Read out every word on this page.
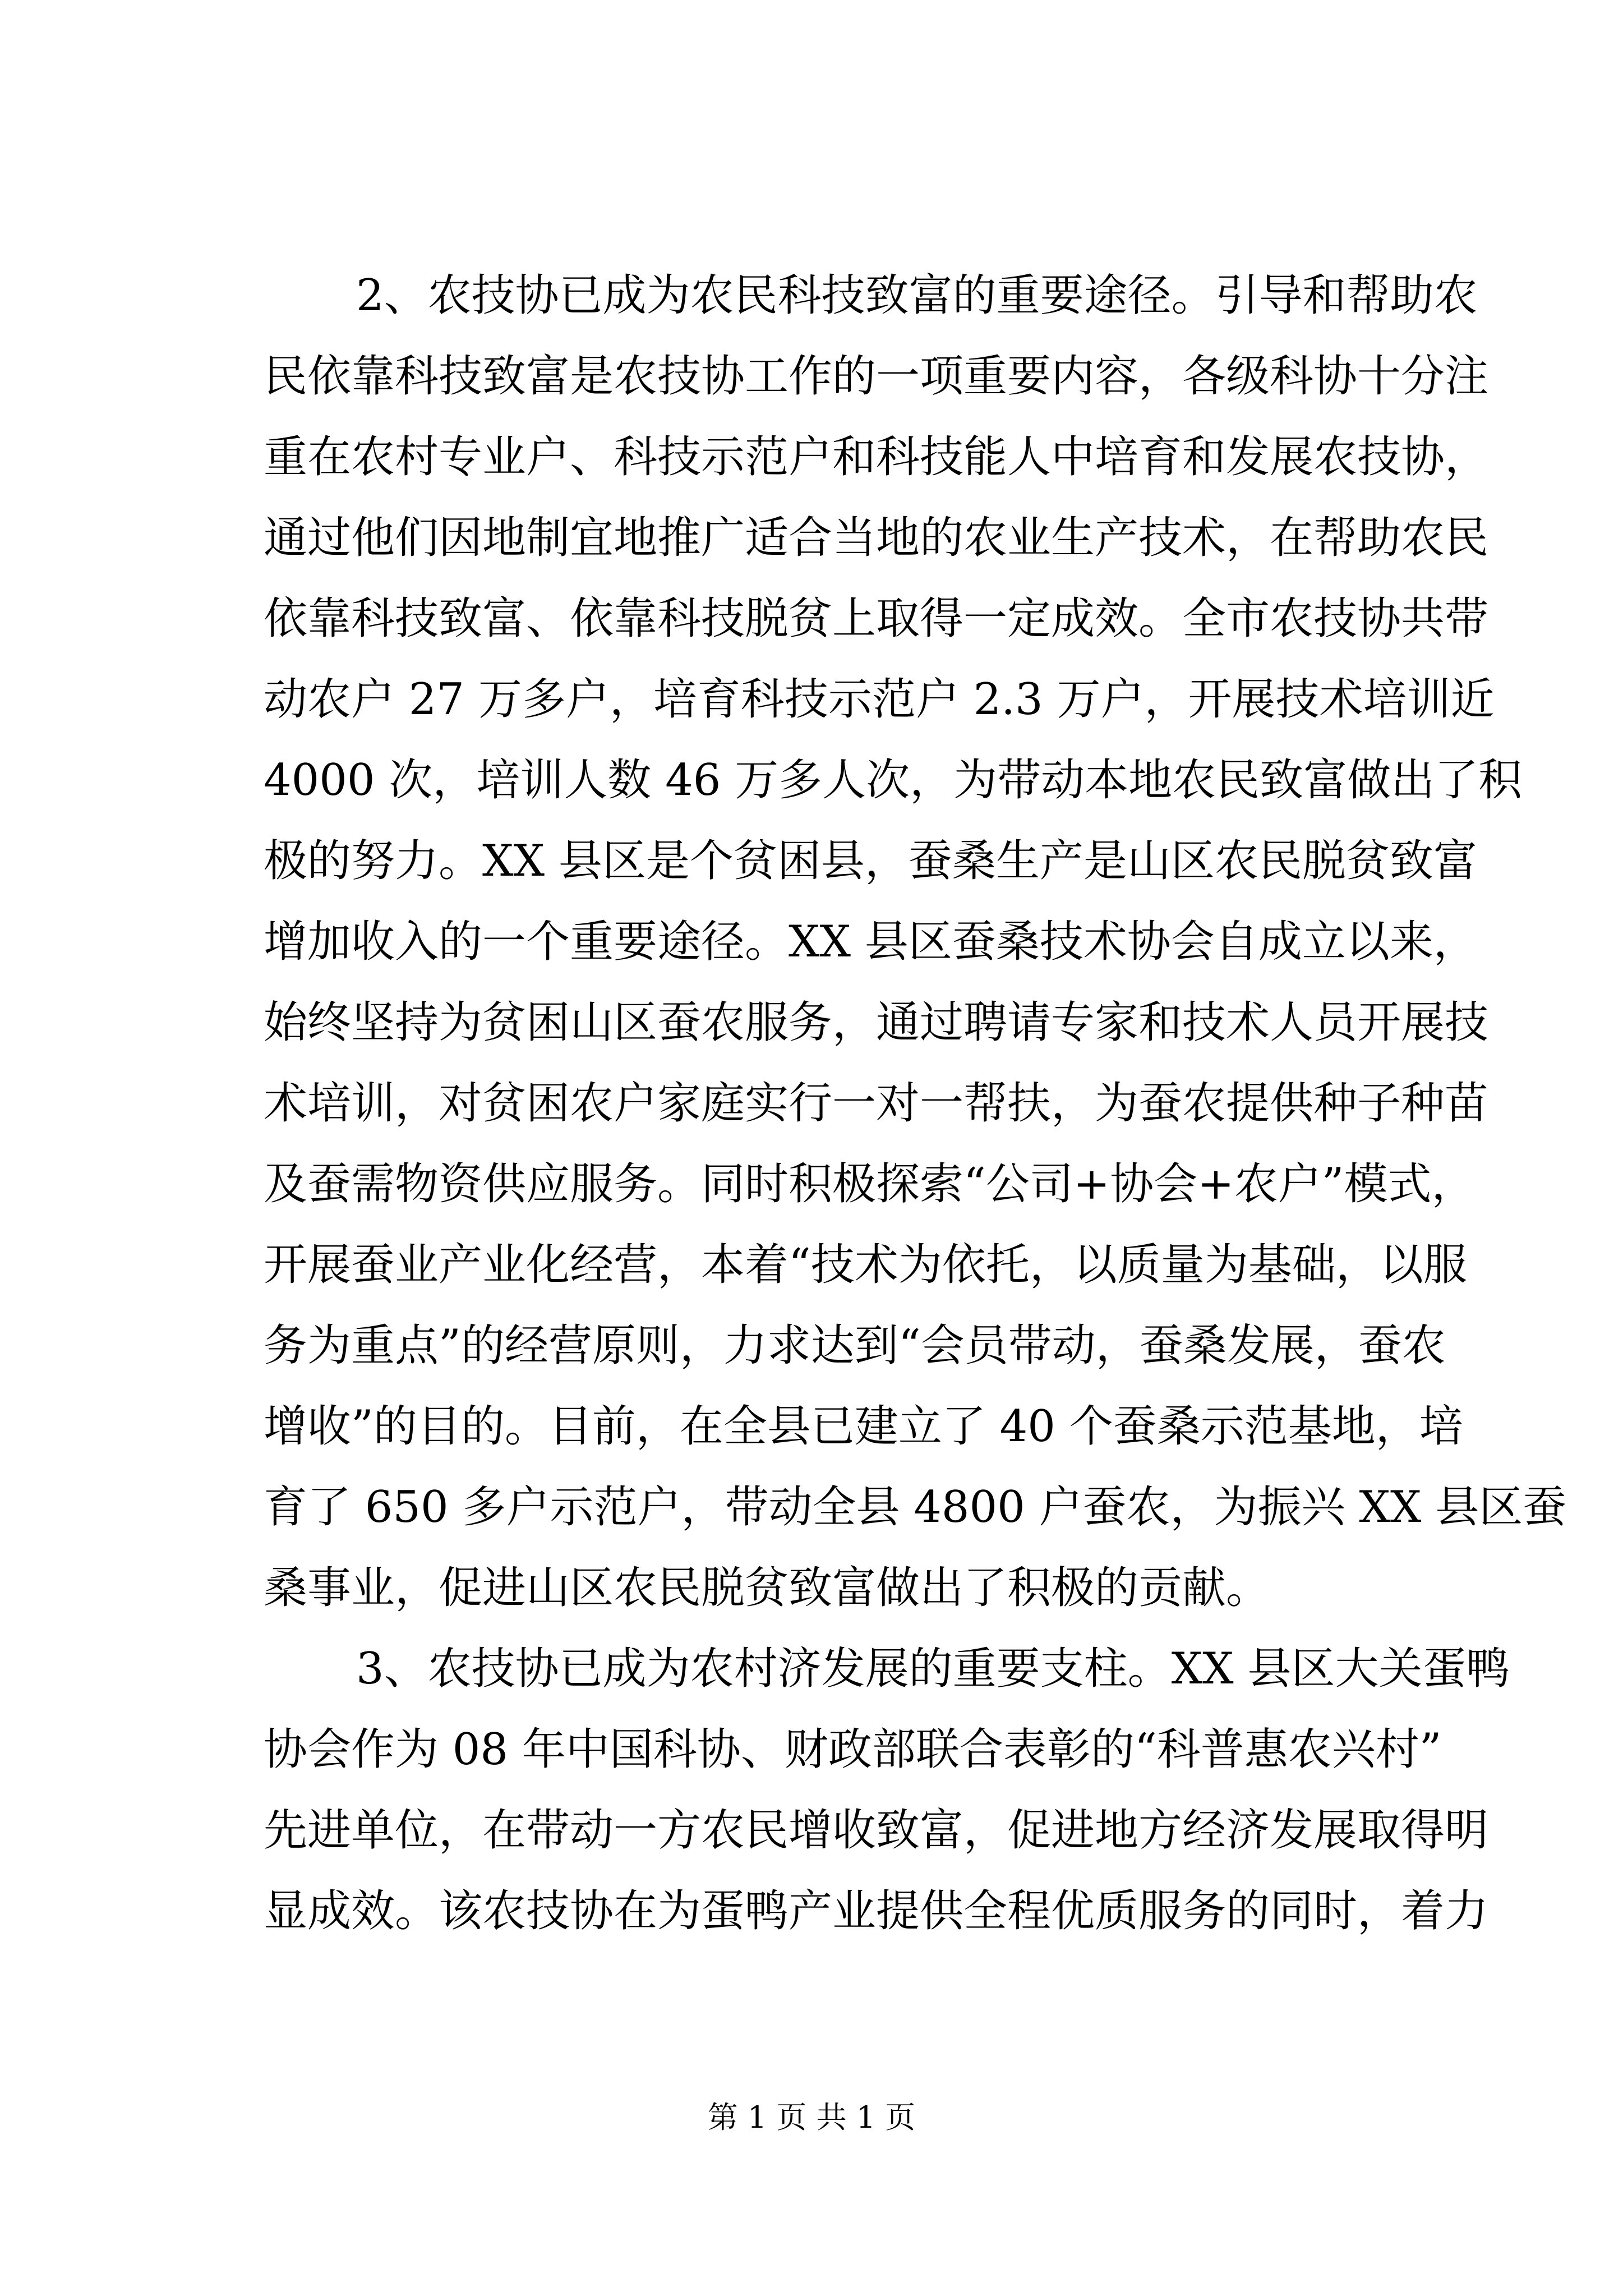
2、农技协已成为农民科技致富的重要途径。引导和帮助农
民依靠科技致富是农技协工作的一项重要内容，各级科协十分注
重在农村专业户、科技示范户和科技能人中培育和发展农技协，
通过他们因地制宜地推广适合当地的农业生产技术，在帮助农民
依靠科技致富、依靠科技脱贫上取得一定成效。全市农技协共带
动农户 27 万多户，培育科技示范户 2.3 万户，开展技术培训近
4000 次，培训人数 46 万多人次，为带动本地农民致富做出了积
极的努力。XX 县区是个贫困县，蚕桑生产是山区农民脱贫致富
增加收入的一个重要途径。XX 县区蚕桑技术协会自成立以来，
始终坚持为贫困山区蚕农服务，通过聘请专家和技术人员开展技
术培训，对贫困农户家庭实行一对一帮扶，为蚕农提供种子种苗
及蚕需物资供应服务。同时积极探索“公司+协会+农户”模式，
开展蚕业产业化经营，本着“技术为依托，以质量为基础，以服
务为重点”的经营原则，力求达到“会员带动，蚕桑发展，蚕农
增收”的目的。目前，在全县已建立了 40 个蚕桑示范基地，培
育了 650 多户示范户，带动全县 4800 户蚕农，为振兴 XX 县区蚕
桑事业，促进山区农民脱贫致富做出了积极的贡献。
3、农技协已成为农村济发展的重要支柱。XX 县区大关蛋鸭
协会作为 08 年中国科协、财政部联合表彰的“科普惠农兴村”
先进单位，在带动一方农民增收致富，促进地方经济发展取得明
显成效。该农技协在为蛋鸭产业提供全程优质服务的同时，着力
第 1 页 共 1 页
